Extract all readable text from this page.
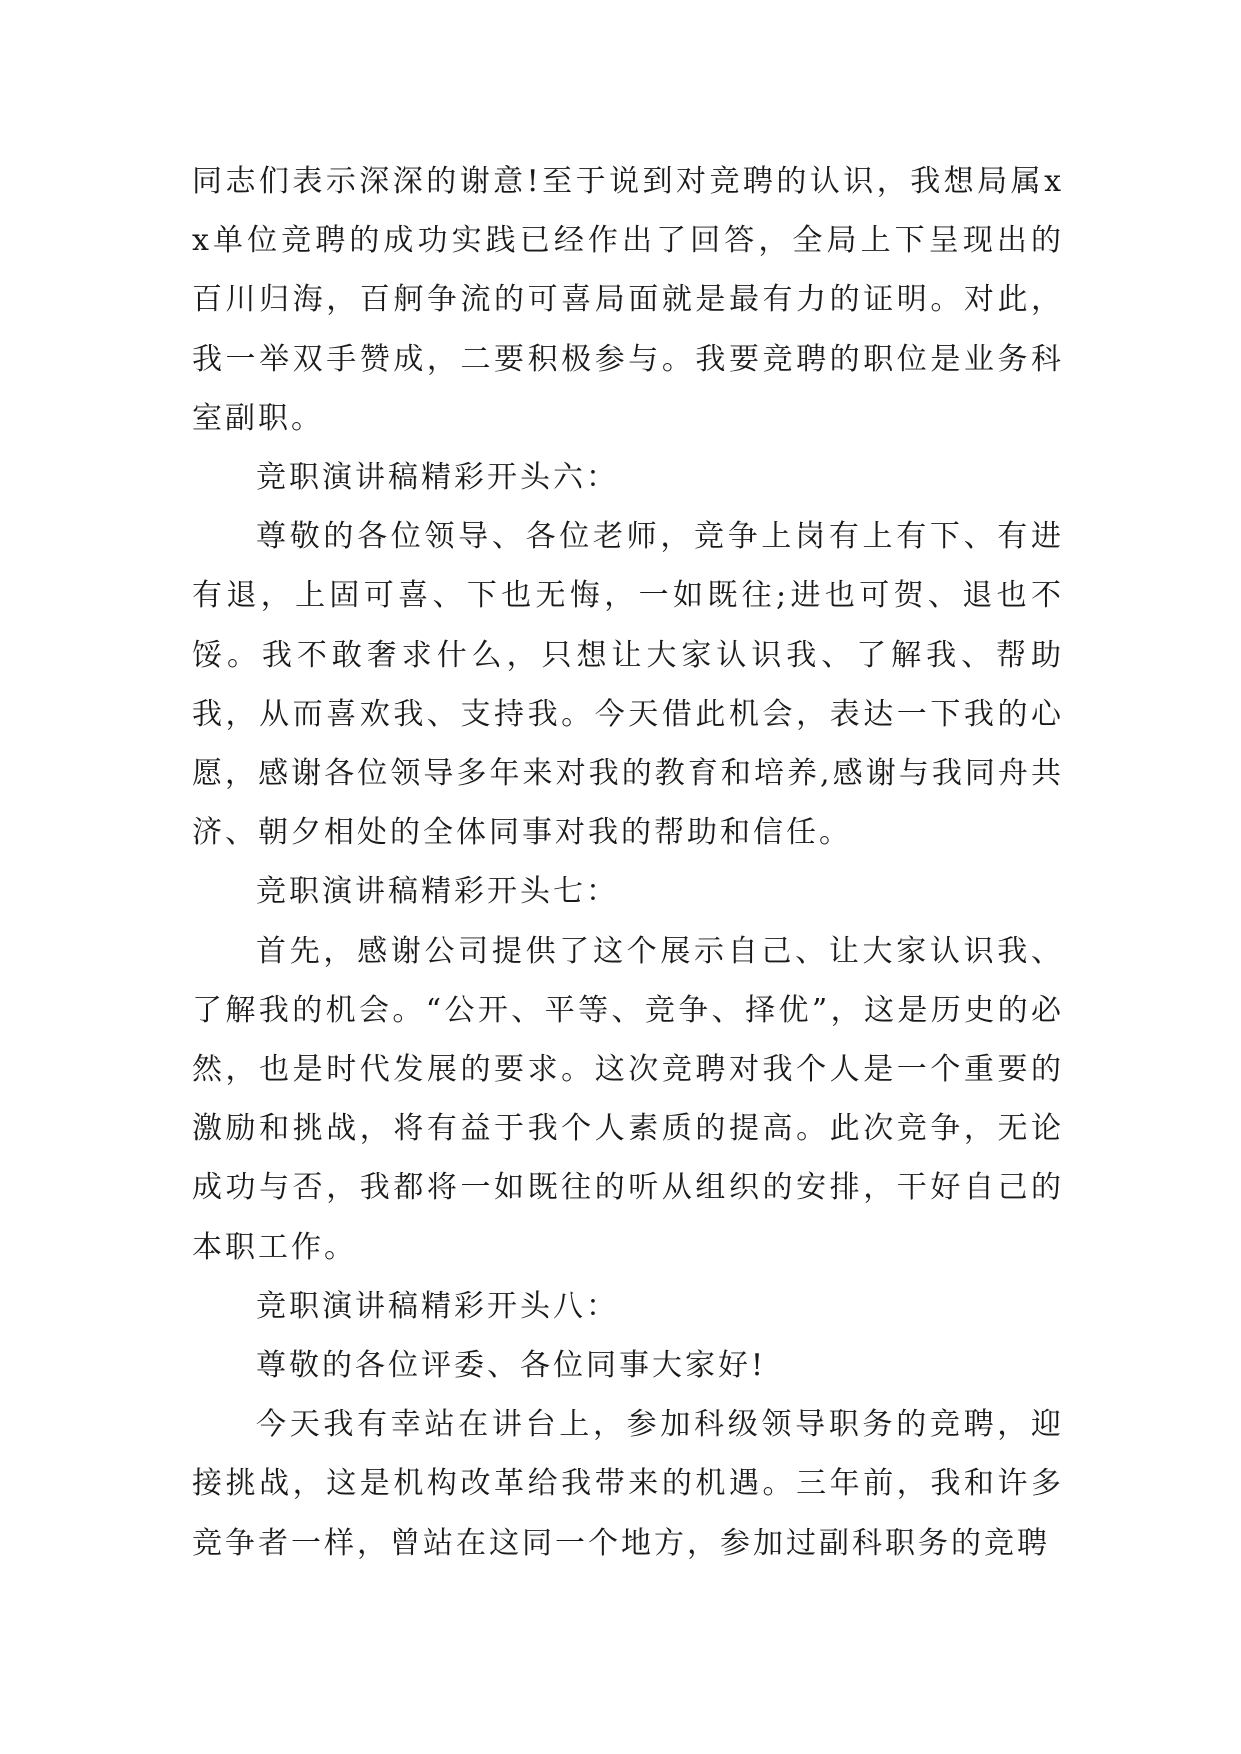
同志们表示深深的谢意!至于说到对竞聘的认识，我想局属xx单位竞聘的成功实践已经作出了回答，全局上下呈现出的百川归海，百舸争流的可喜局面就是最有力的证明。对此，我一举双手赞成，二要积极参与。我要竞聘的职位是业务科室副职。

竞职演讲稿精彩开头六：

尊敬的各位领导、各位老师，竞争上岗有上有下、有进有退，上固可喜、下也无悔，一如既往;进也可贺、退也不馁。我不敢奢求什么，只想让大家认识我、了解我、帮助我，从而喜欢我、支持我。今天借此机会，表达一下我的心愿，感谢各位领导多年来对我的教育和培养,感谢与我同舟共济、朝夕相处的全体同事对我的帮助和信任。

竞职演讲稿精彩开头七：

首先，感谢公司提供了这个展示自己、让大家认识我、了解我的机会。“公开、平等、竞争、择优”，这是历史的必然，也是时代发展的要求。这次竞聘对我个人是一个重要的激励和挑战，将有益于我个人素质的提高。此次竞争，无论成功与否，我都将一如既往的听从组织的安排，干好自己的本职工作。

竞职演讲稿精彩开头八：

尊敬的各位评委、各位同事大家好!

今天我有幸站在讲台上，参加科级领导职务的竞聘，迎接挑战，这是机构改革给我带来的机遇。三年前，我和许多竞争者一样，曾站在这同一个地方，参加过副科职务的竞聘
